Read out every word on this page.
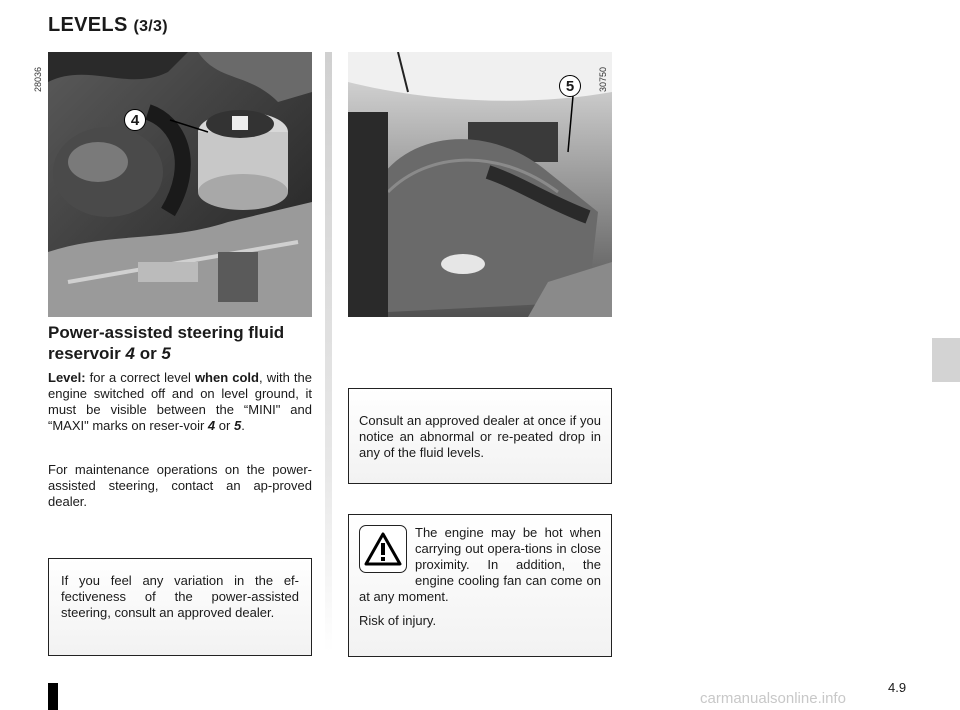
LEVELS (3/3)
4
28036	5	30750
Power-assisted steering fluid
reservoir 4 or 5
Level: for a correct level when cold, with the engine switched off and on level ground, it must be visible between the “MINI" and “MAXI" marks on reser-voir 4 or 5.
For maintenance operations on the power-assisted steering, contact an ap-proved dealer.
If you feel any variation in the ef-fectiveness of the power-assisted steering, consult an approved dealer.
Consult an approved dealer at once if you notice an abnormal or re-peated drop in any of the fluid levels.
The engine may be hot when carrying out opera-tions in close proximity. In addition, the engine cooling fan can come on at any moment.
Risk of injury.
4.9
carmanualsonline.info
